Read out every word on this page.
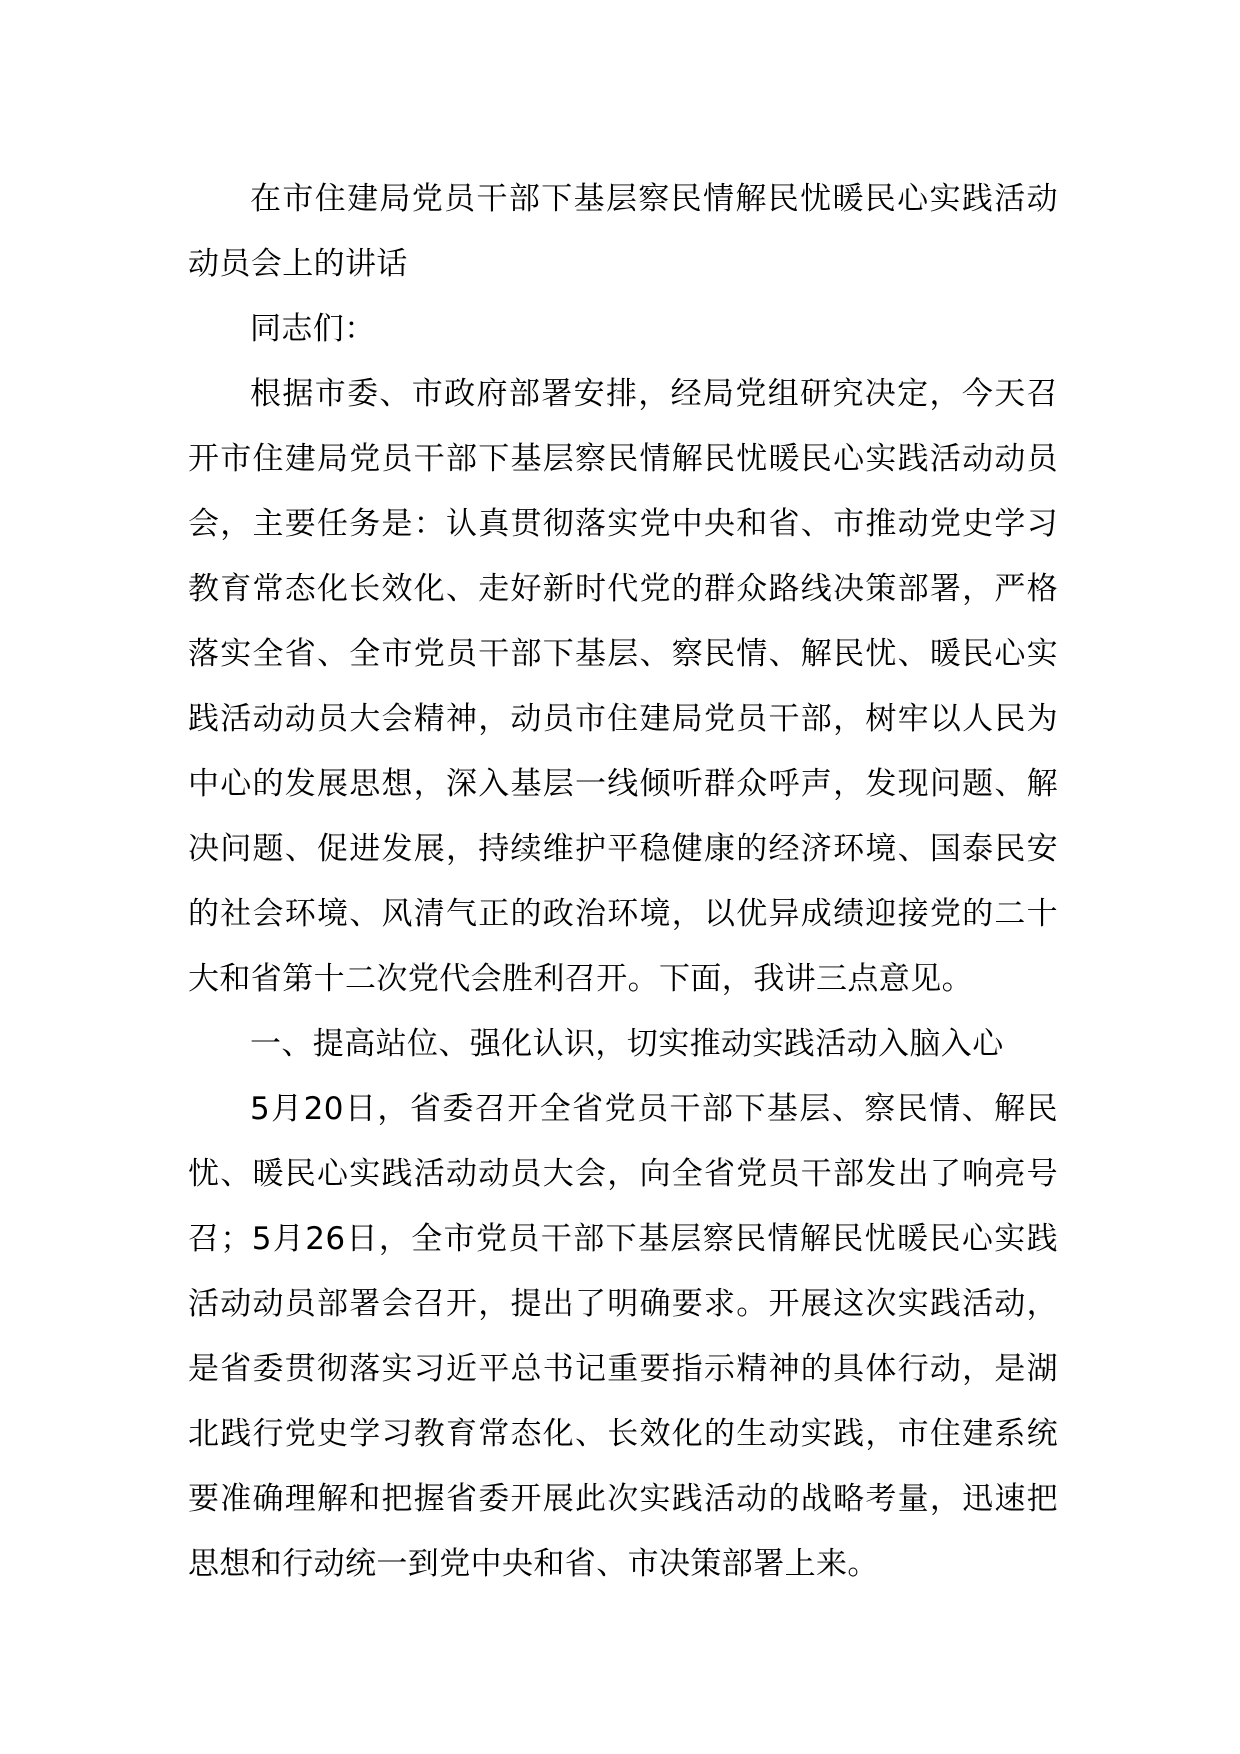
在市住建局党员干部下基层察民情解民忧暖民心实践活动动员会上的讲话

同志们：

根据市委、市政府部署安排，经局党组研究决定，今天召开市住建局党员干部下基层察民情解民忧暖民心实践活动动员会，主要任务是：认真贯彻落实党中央和省、市推动党史学习教育常态化长效化、走好新时代党的群众路线决策部署，严格落实全省、全市党员干部下基层、察民情、解民忧、暖民心实践活动动员大会精神，动员市住建局党员干部，树牢以人民为中心的发展思想，深入基层一线倾听群众呼声，发现问题、解决问题、促进发展，持续维护平稳健康的经济环境、国泰民安的社会环境、风清气正的政治环境，以优异成绩迎接党的二十大和省第十二次党代会胜利召开。下面，我讲三点意见。

一、提高站位、强化认识，切实推动实践活动入脑入心

5月20日，省委召开全省党员干部下基层、察民情、解民忧、暖民心实践活动动员大会，向全省党员干部发出了响亮号召；5月26日，全市党员干部下基层察民情解民忧暖民心实践活动动员部署会召开，提出了明确要求。开展这次实践活动，是省委贯彻落实习近平总书记重要指示精神的具体行动，是湖北践行党史学习教育常态化、长效化的生动实践，市住建系统要准确理解和把握省委开展此次实践活动的战略考量，迅速把思想和行动统一到党中央和省、市决策部署上来。
